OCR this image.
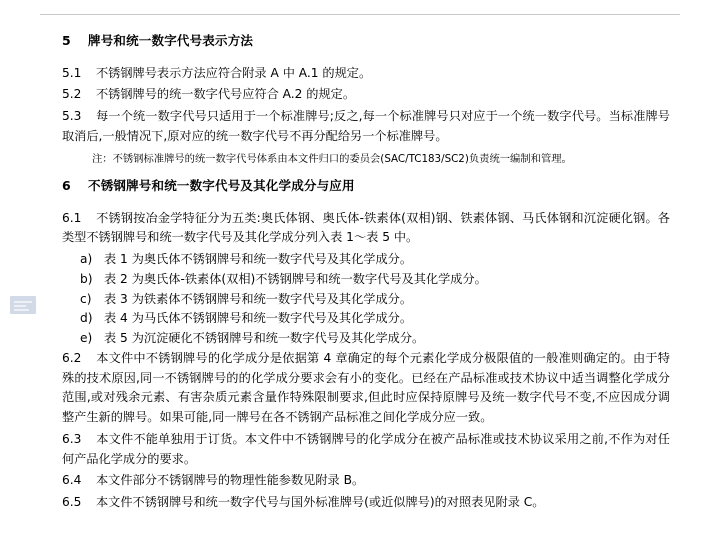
5 牌号和统一数字代号表示方法

5.1 不锈钢牌号表示方法应符合附录 A 中 A.1 的规定。

5.2 不锈钢牌号的统一数字代号应符合 A.2 的规定。

5.3 每一个统一数字代号只适用于一个标准牌号;反之,每一个标准牌号只对应于一个统一数字代号。当标准牌号取消后,一般情况下,原对应的统一数字代号不再分配给另一个标准牌号。

注：不锈钢标准牌号的统一数字代号体系由本文件归口的委员会(SAC/TC183/SC2)负责统一编制和管理。

6 不锈钢牌号和统一数字代号及其化学成分与应用

6.1 不锈钢按冶金学特征分为五类:奥氏体钢、奥氏体-铁素体(双相)钢、铁素体钢、马氏体钢和沉淀硬化钢。各类型不锈钢牌号和统一数字代号及其化学成分列入表 1～表 5 中。

a) 表 1 为奥氏体不锈钢牌号和统一数字代号及其化学成分。
b) 表 2 为奥氏体-铁素体(双相)不锈钢牌号和统一数字代号及其化学成分。
c) 表 3 为铁素体不锈钢牌号和统一数字代号及其化学成分。
d) 表 4 为马氏体不锈钢牌号和统一数字代号及其化学成分。
e) 表 5 为沉淀硬化不锈钢牌号和统一数字代号及其化学成分。

6.2 本文件中不锈钢牌号的化学成分是依据第 4 章确定的每个元素化学成分极限值的一般准则确定的。由于特殊的技术原因,同一不锈钢牌号的的化学成分要求会有小的变化。已经在产品标准或技术协议中适当调整化学成分范围,或对残余元素、有害杂质元素含量作特殊限制要求,但此时应保持原牌号及统一数字代号不变,不应因成分调整产生新的牌号。如果可能,同一牌号在各不锈钢产品标准之间化学成分应一致。

6.3 本文件不能单独用于订货。本文件中不锈钢牌号的化学成分在被产品标准或技术协议采用之前,不作为对任何产品化学成分的要求。

6.4 本文件部分不锈钢牌号的物理性能参数见附录 B。

6.5 本文件不锈钢牌号和统一数字代号与国外标准牌号(或近似牌号)的对照表见附录 C。
